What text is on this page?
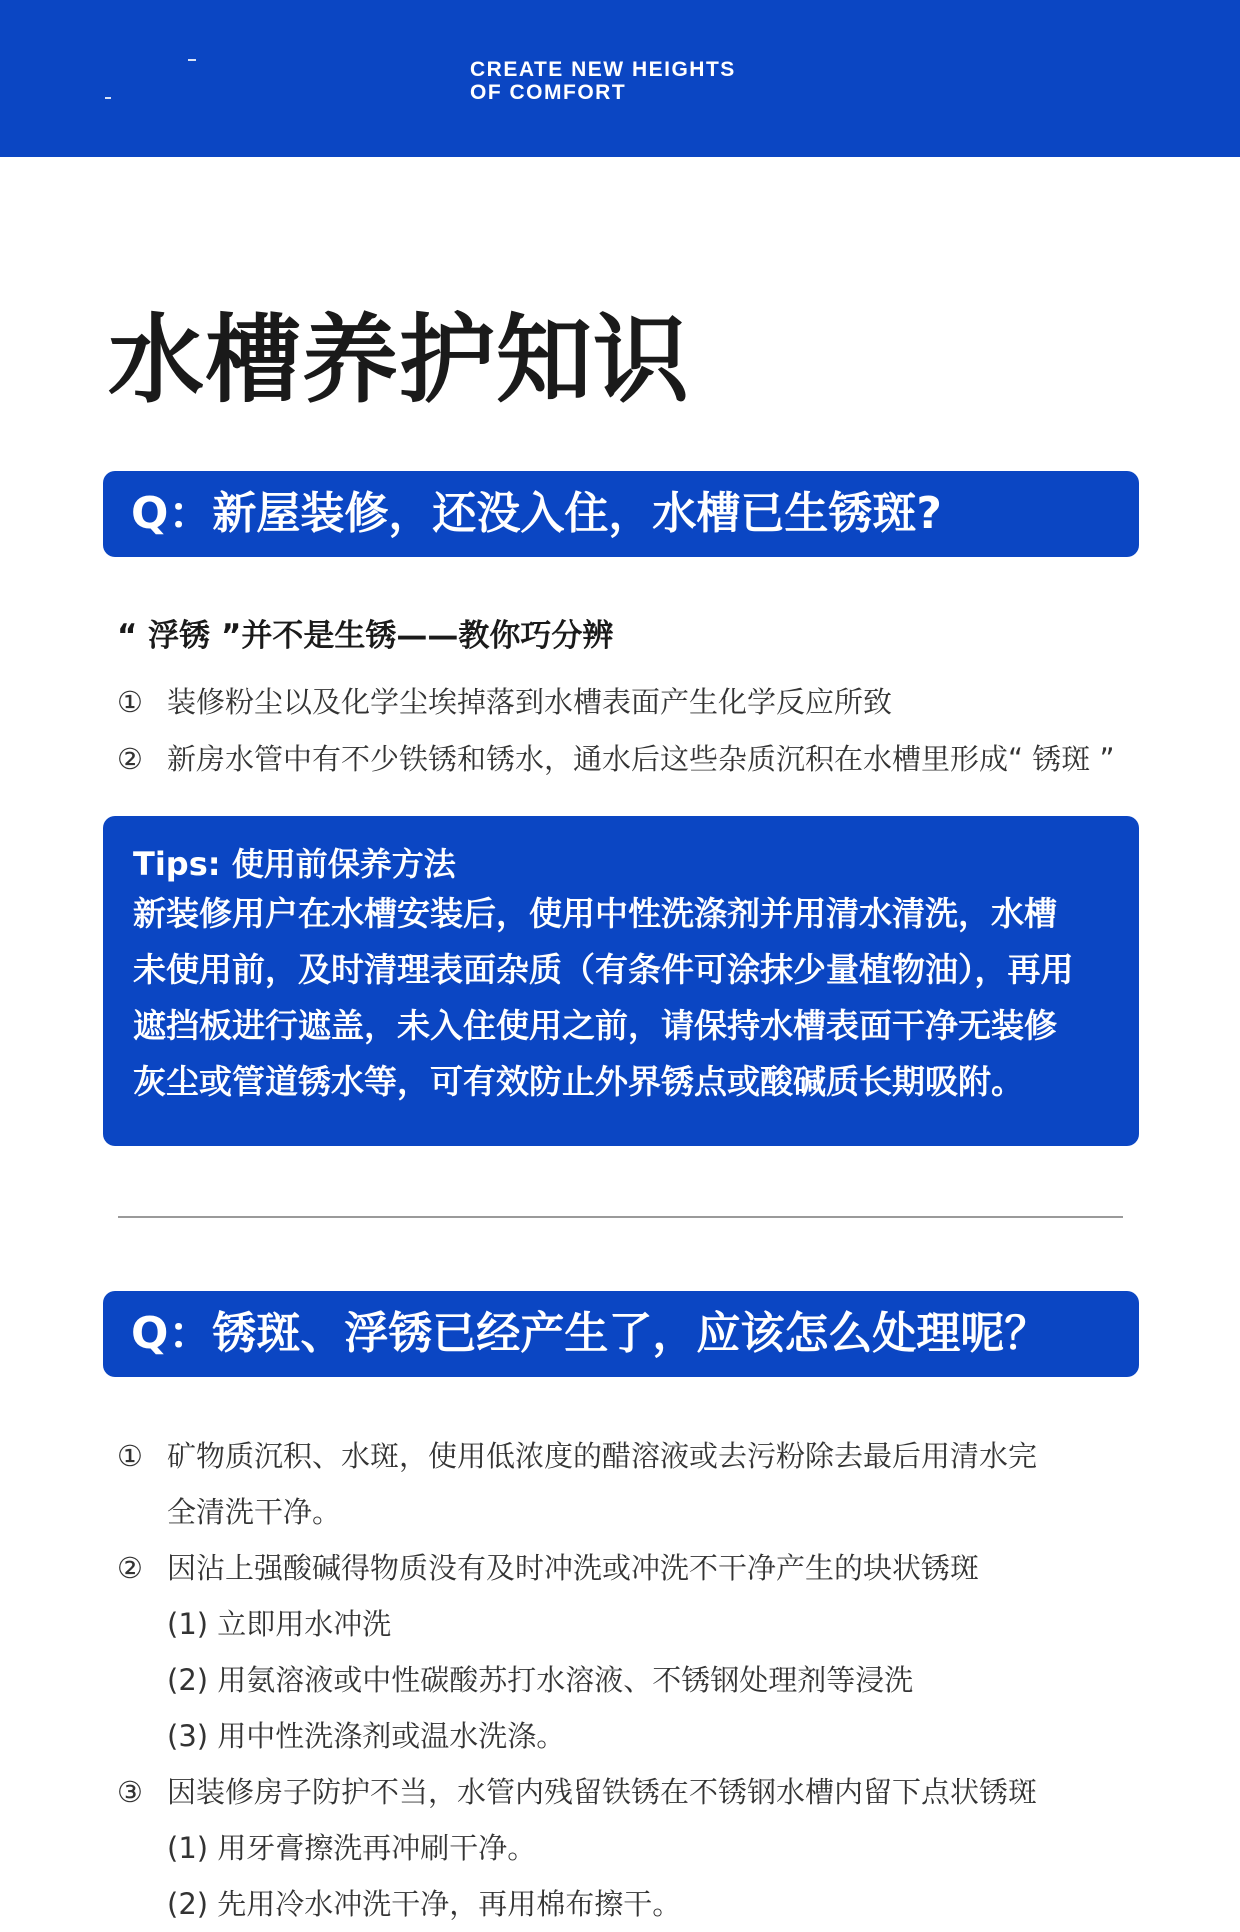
CREATE NEW HEIGHTS
OF COMFORT
水槽养护知识
Q：新屋装修，还没入住，水槽已生锈斑?
“ 浮锈 ”并不是生锈——教你巧分辨
① 装修粉尘以及化学尘埃掉落到水槽表面产生化学反应所致
② 新房水管中有不少铁锈和锈水，通水后这些杂质沉积在水槽里形成“ 锈斑 ”
Tips: 使用前保养方法
新装修用户在水槽安装后，使用中性洗涤剂并用清水清洗，水槽
未使用前，及时清理表面杂质（有条件可涂抹少量植物油），再用
遮挡板进行遮盖，未入住使用之前，请保持水槽表面干净无装修
灰尘或管道锈水等，可有效防止外界锈点或酸碱质长期吸附。
Q：锈斑、浮锈已经产生了，应该怎么处理呢？
① 矿物质沉积、水斑，使用低浓度的醋溶液或去污粉除去最后用清水完
全清洗干净。
② 因沾上强酸碱得物质没有及时冲洗或冲洗不干净产生的块状锈斑
(1) 立即用水冲洗
(2) 用氨溶液或中性碳酸苏打水溶液、不锈钢处理剂等浸洗
(3) 用中性洗涤剂或温水洗涤。
③ 因装修房子防护不当，水管内残留铁锈在不锈钢水槽内留下点状锈斑
(1) 用牙膏擦洗再冲刷干净。
(2) 先用冷水冲洗干净，再用棉布擦干。
